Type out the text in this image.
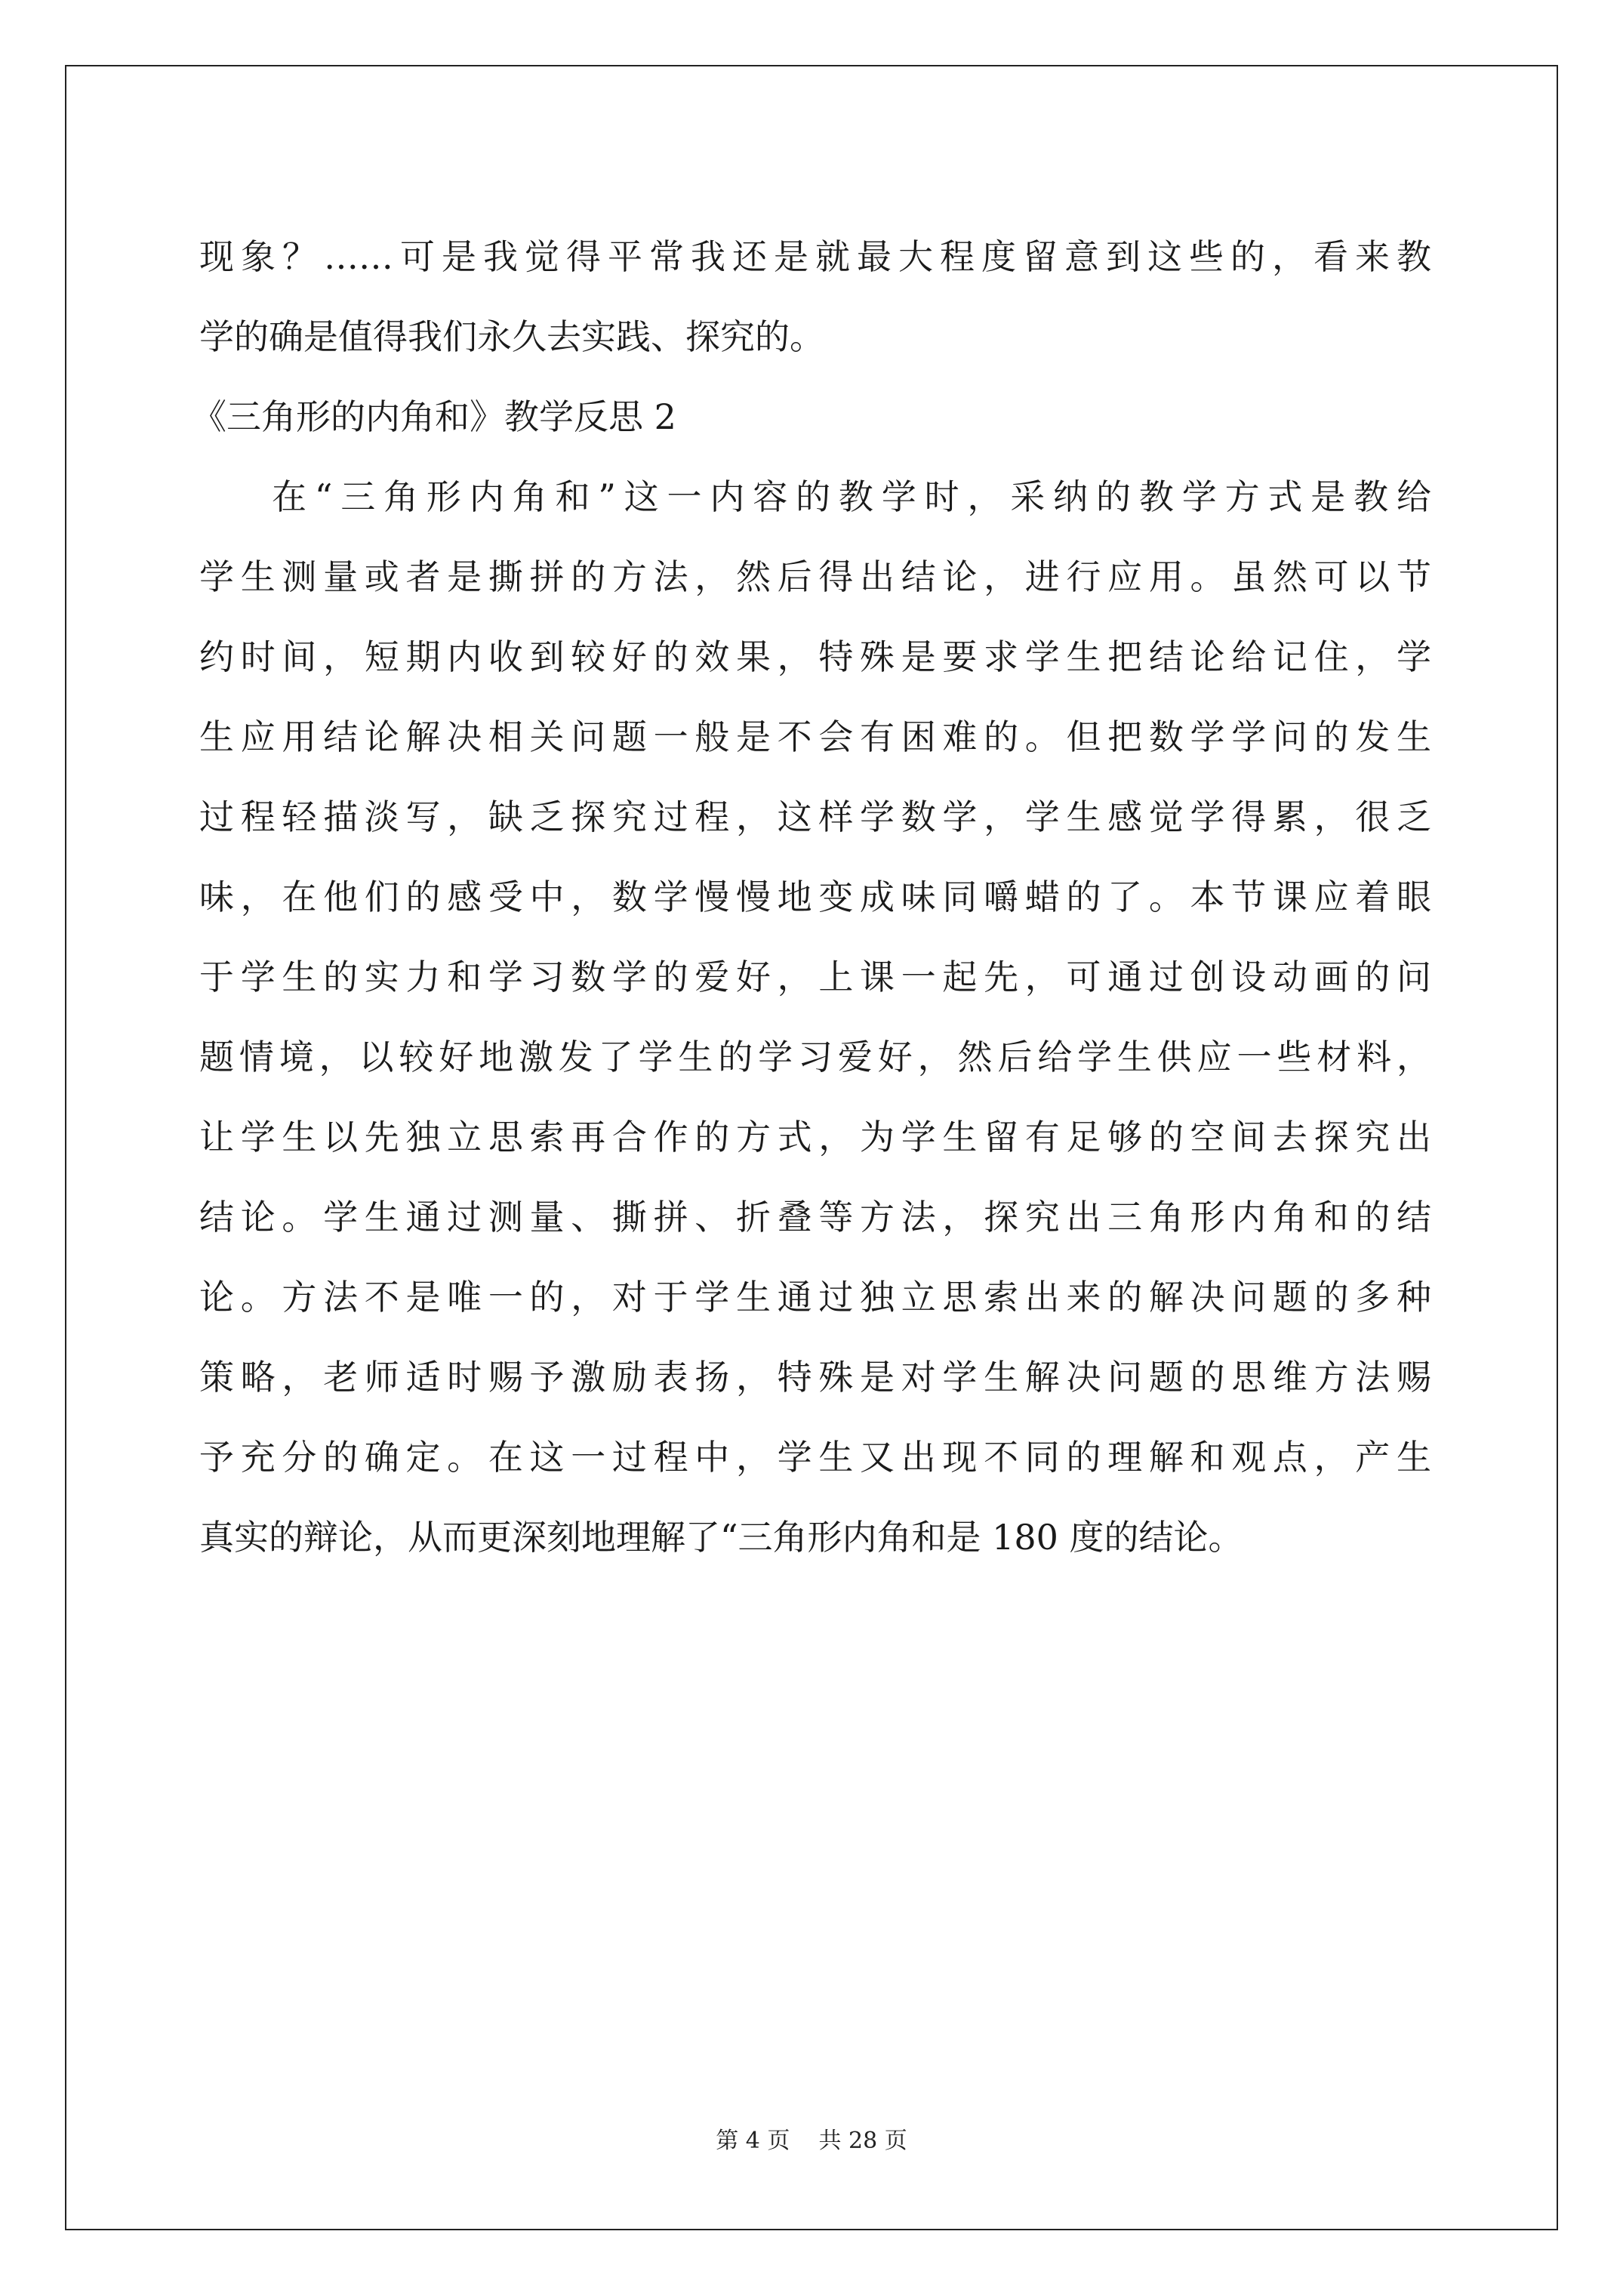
现象？……可是我觉得平常我还是就最大程度留意到这些的，看来教
学的确是值得我们永久去实践、探究的。
《三角形的内角和》教学反思 2
在“三角形内角和”这一内容的教学时，采纳的教学方式是教给
学生测量或者是撕拼的方法，然后得出结论，进行应用。虽然可以节
约时间，短期内收到较好的效果，特殊是要求学生把结论给记住，学
生应用结论解决相关问题一般是不会有困难的。但把数学学问的发生
过程轻描淡写，缺乏探究过程，这样学数学，学生感觉学得累，很乏
味，在他们的感受中，数学慢慢地变成味同嚼蜡的了。本节课应着眼
于学生的实力和学习数学的爱好，上课一起先，可通过创设动画的问
题情境，以较好地激发了学生的学习爱好，然后给学生供应一些材料，
让学生以先独立思索再合作的方式，为学生留有足够的空间去探究出
结论。学生通过测量、撕拼、折叠等方法，探究出三角形内角和的结
论。方法不是唯一的，对于学生通过独立思索出来的解决问题的多种
策略，老师适时赐予激励表扬，特殊是对学生解决问题的思维方法赐
予充分的确定。在这一过程中，学生又出现不同的理解和观点，产生
真实的辩论，从而更深刻地理解了“三角形内角和是 180 度的结论。
第 4 页    共 28 页
